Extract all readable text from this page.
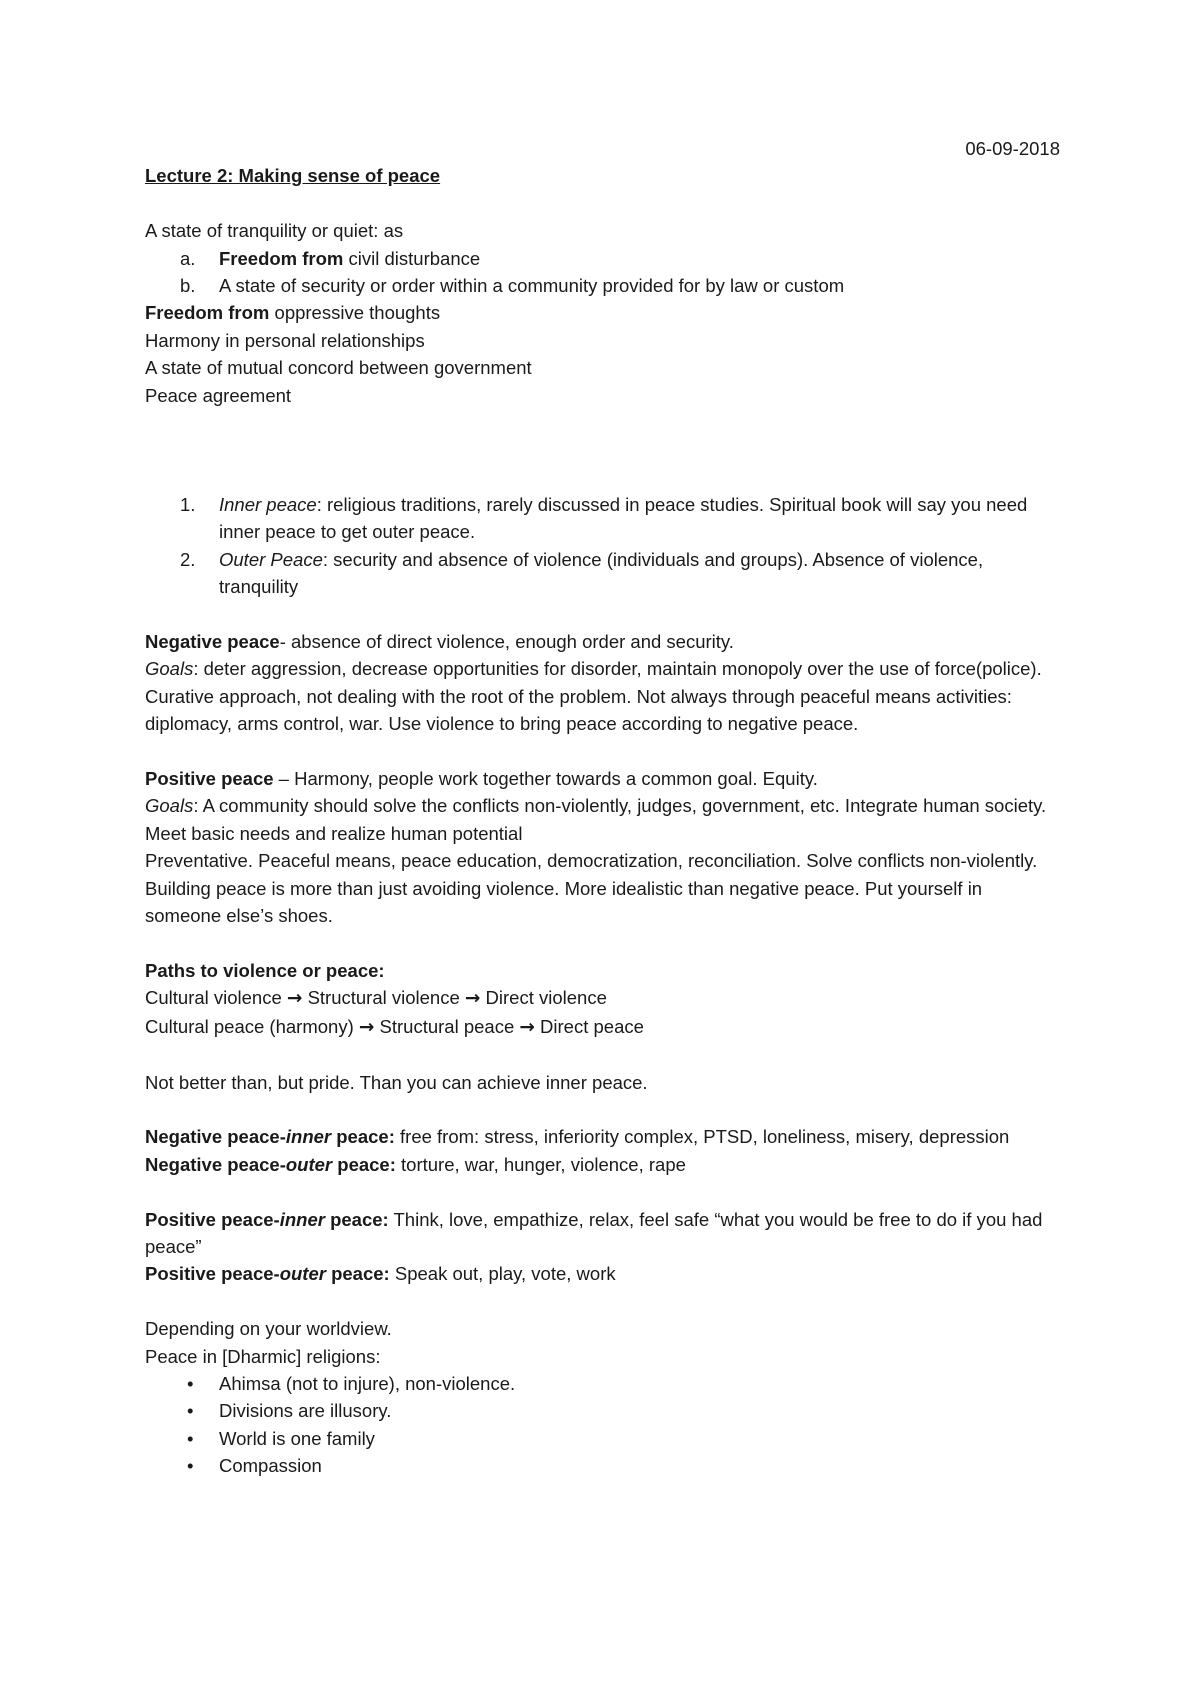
06-09-2018

Lecture 2: Making sense of peace

A state of tranquility or quiet: as

a. Freedom from civil disturbance
b. A state of security or order within a community provided for by law or custom

Freedom from oppressive thoughts

Harmony in personal relationships

A state of mutual concord between government

Peace agreement

1. Inner peace: religious traditions, rarely discussed in peace studies. Spiritual book will say you need inner peace to get outer peace.
2. Outer Peace: security and absence of violence (individuals and groups). Absence of violence, tranquility

Negative peace- absence of direct violence, enough order and security.

Goals: deter aggression, decrease opportunities for disorder, maintain monopoly over the use of force(police).

Curative approach, not dealing with the root of the problem. Not always through peaceful means activities: diplomacy, arms control, war. Use violence to bring peace according to negative peace.

Positive peace – Harmony, people work together towards a common goal. Equity.

Goals: A community should solve the conflicts non-violently, judges, government, etc. Integrate human society. Meet basic needs and realize human potential

Preventative. Peaceful means, peace education, democratization, reconciliation. Solve conflicts non-violently. Building peace is more than just avoiding violence. More idealistic than negative peace. Put yourself in someone else’s shoes.

Paths to violence or peace:

Cultural violence → Structural violence → Direct violence

Cultural peace (harmony) → Structural peace → Direct peace

Not better than, but pride. Than you can achieve inner peace.

Negative peace-inner peace: free from: stress, inferiority complex, PTSD, loneliness, misery, depression

Negative peace-outer peace: torture, war, hunger, violence, rape

Positive peace-inner peace: Think, love, empathize, relax, feel safe “what you would be free to do if you had peace”

Positive peace-outer peace: Speak out, play, vote, work

Depending on your worldview.

Peace in [Dharmic] religions:

• Ahimsa (not to injure), non-violence.
• Divisions are illusory.
• World is one family
• Compassion
